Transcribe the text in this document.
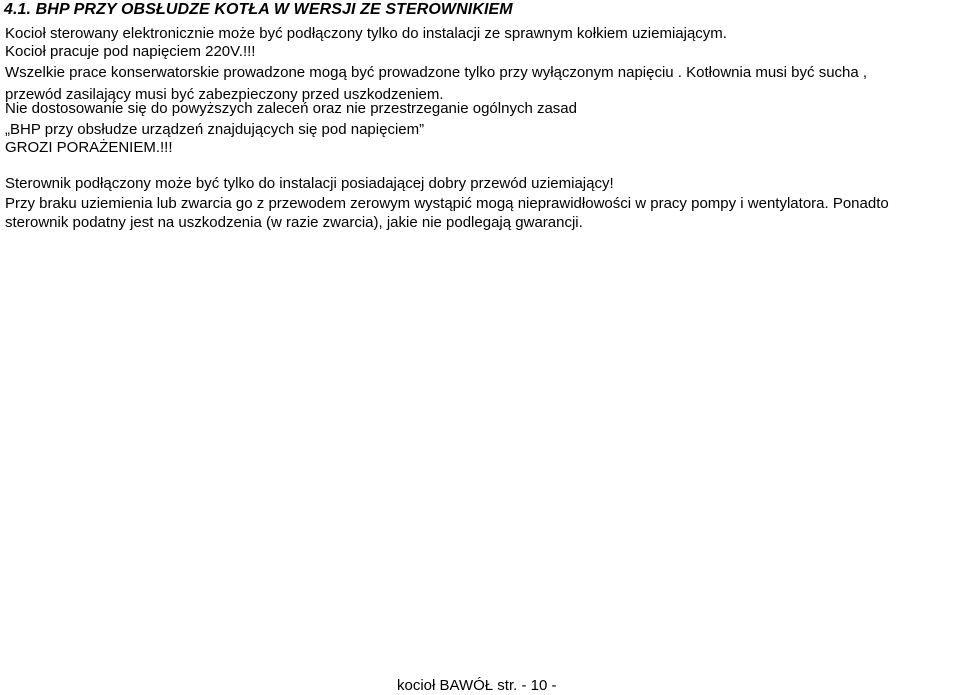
4.1. BHP PRZY OBSŁUDZE KOTŁA W WERSJI ZE STEROWNIKIEM
Kocioł sterowany elektronicznie może być podłączony tylko do instalacji ze sprawnym kołkiem uziemiającym.
Kocioł pracuje pod napięciem 220V.!!!
Wszelkie prace konserwatorskie prowadzone mogą być prowadzone tylko przy wyłączonym napięciu . Kotłownia musi być sucha ,
przewód zasilający musi być zabezpieczony przed uszkodzeniem.
Nie dostosowanie się do powyższych zaleceń oraz nie przestrzeganie ogólnych zasad
„BHP przy obsłudze urządzeń znajdujących się pod napięciem”
GROZI PORAŻENIEM.!!!
Sterownik podłączony może być tylko do instalacji posiadającej dobry przewód uziemiający!
Przy braku uziemienia lub zwarcia go z przewodem zerowym wystąpić mogą nieprawidłowości w pracy pompy i wentylatora. Ponadto
sterownik podatny jest na uszkodzenia (w razie zwarcia), jakie nie podlegają gwarancji.
kocioł BAWÓŁ str. - 10 -
